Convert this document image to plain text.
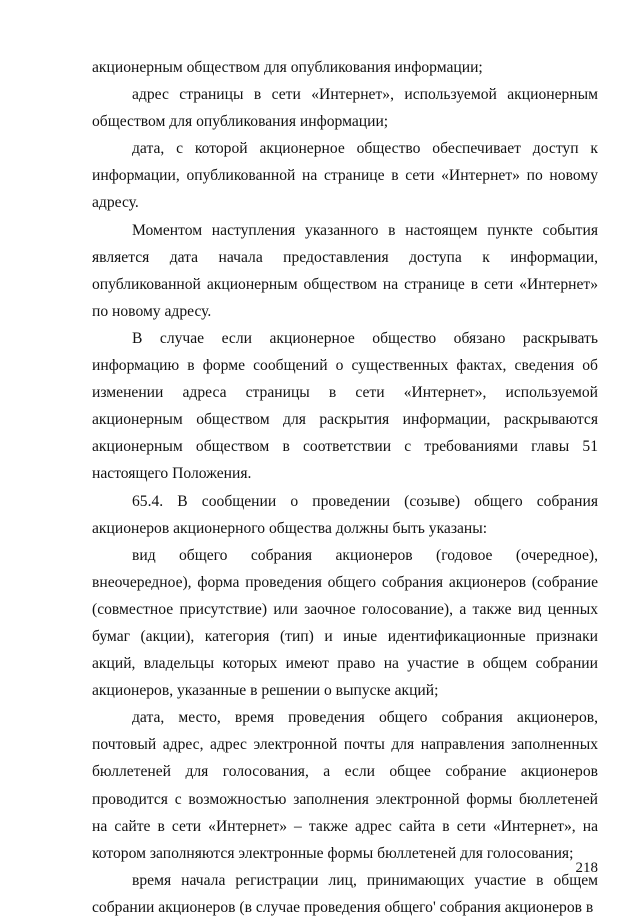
акционерным обществом для опубликования информации;

адрес страницы в сети «Интернет», используемой акционерным обществом для опубликования информации;

дата, с которой акционерное общество обеспечивает доступ к информации, опубликованной на странице в сети «Интернет» по новому адресу.

Моментом наступления указанного в настоящем пункте события является дата начала предоставления доступа к информации, опубликованной акционерным обществом на странице в сети «Интернет» по новому адресу.

В случае если акционерное общество обязано раскрывать информацию в форме сообщений о существенных фактах, сведения об изменении адреса страницы в сети «Интернет», используемой акционерным обществом для раскрытия информации, раскрываются акционерным обществом в соответствии с требованиями главы 51 настоящего Положения.

65.4. В сообщении о проведении (созыве) общего собрания акционеров акционерного общества должны быть указаны:

вид общего собрания акционеров (годовое (очередное), внеочередное), форма проведения общего собрания акционеров (собрание (совместное присутствие) или заочное голосование), а также вид ценных бумаг (акции), категория (тип) и иные идентификационные признаки акций, владельцы которых имеют право на участие в общем собрании акционеров, указанные в решении о выпуске акций;

дата, место, время проведения общего собрания акционеров, почтовый адрес, адрес электронной почты для направления заполненных бюллетеней для голосования, а если общее собрание акционеров проводится с возможностью заполнения электронной формы бюллетеней на сайте в сети «Интернет» – также адрес сайта в сети «Интернет», на котором заполняются электронные формы бюллетеней для голосования;

время начала регистрации лиц, принимающих участие в общем собрании акционеров (в случае проведения общего' собрания акционеров в

218
